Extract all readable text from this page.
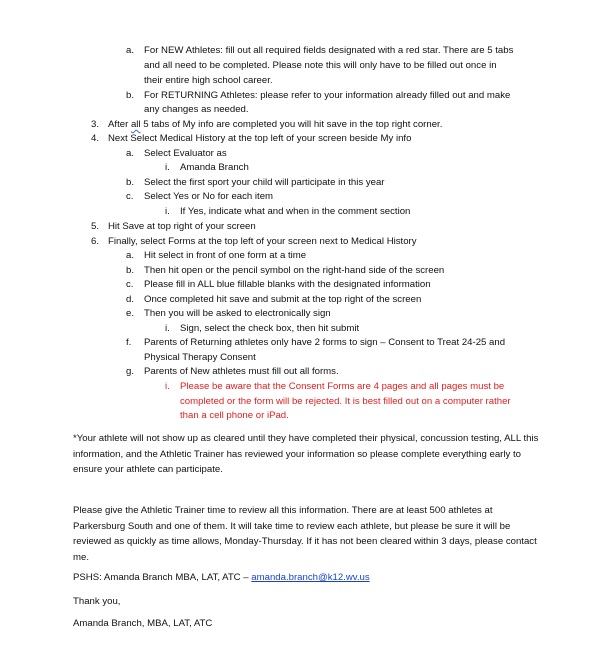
a. For NEW Athletes: fill out all required fields designated with a red star. There are 5 tabs
and all need to be completed. Please note this will only have to be filled out once in
their entire high school career.
b. For RETURNING Athletes: please refer to your information already filled out and make
any changes as needed.
3. After all 5 tabs of My info are completed you will hit save in the top right corner.
4. Next Select Medical History at the top left of your screen beside My info
a. Select Evaluator as
i. Amanda Branch
b. Select the first sport your child will participate in this year
c. Select Yes or No for each item
i. If Yes, indicate what and when in the comment section
5. Hit Save at top right of your screen
6. Finally, select Forms at the top left of your screen next to Medical History
a. Hit select in front of one form at a time
b. Then hit open or the pencil symbol on the right-hand side of the screen
c. Please fill in ALL blue fillable blanks with the designated information
d. Once completed hit save and submit at the top right of the screen
e. Then you will be asked to electronically sign
i. Sign, select the check box, then hit submit
f. Parents of Returning athletes only have 2 forms to sign – Consent to Treat 24-25 and
Physical Therapy Consent
g. Parents of New athletes must fill out all forms.
i. Please be aware that the Consent Forms are 4 pages and all pages must be
completed or the form will be rejected. It is best filled out on a computer rather
than a cell phone or iPad.
*Your athlete will not show up as cleared until they have completed their physical, concussion testing, ALL this information, and the Athletic Trainer has reviewed your information so please complete everything early to ensure your athlete can participate.
Please give the Athletic Trainer time to review all this information. There are at least 500 athletes at Parkersburg South and one of them. It will take time to review each athlete, but please be sure it will be reviewed as quickly as time allows, Monday-Thursday. If it has not been cleared within 3 days, please contact me.
PSHS: Amanda Branch MBA, LAT, ATC – amanda.branch@k12.wv.us
Thank you,
Amanda Branch, MBA, LAT, ATC
